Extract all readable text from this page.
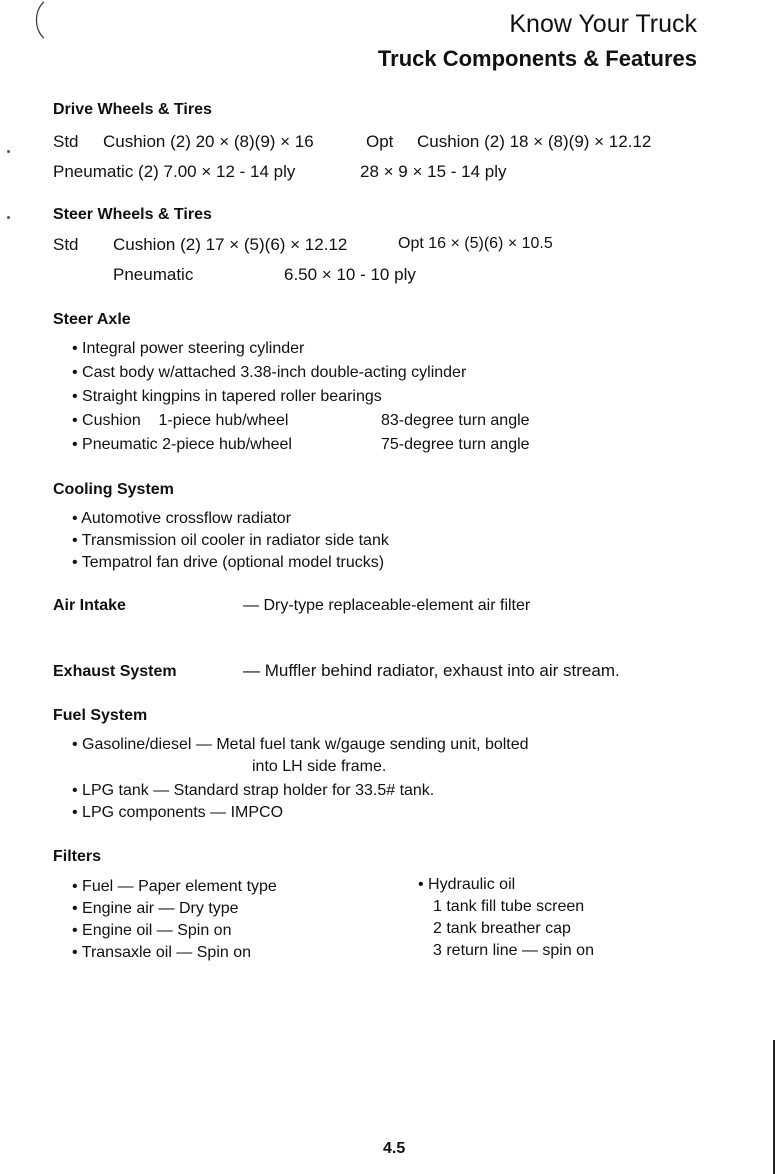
Know Your Truck
Truck Components & Features
Drive Wheels & Tires
Std Cushion (2) 20 × (8)(9) × 16	Opt Cushion (2) 18 × (8)(9) × 12.12
Pneumatic (2) 7.00 × 12 - 14 ply	28 × 9 × 15 - 14 ply
Steer Wheels & Tires
Std Cushion (2) 17 × (5)(6) × 12.12	Opt 16 × (5)(6) × 10.5
Pneumatic	6.50 × 10 - 10 ply
Steer Axle
• Integral power steering cylinder
• Cast body w/attached 3.38-inch double-acting cylinder
• Straight kingpins in tapered roller bearings
• Cushion    1-piece hub/wheel	83-degree turn angle
• Pneumatic 2-piece hub/wheel	75-degree turn angle
Cooling System
• Automotive crossflow radiator
• Transmission oil cooler in radiator side tank
• Tempatrol fan drive (optional model trucks)
Air Intake	— Dry-type replaceable-element air filter
Exhaust System	— Muffler behind radiator, exhaust into air stream.
Fuel System
• Gasoline/diesel — Metal fuel tank w/gauge sending unit, bolted
into LH side frame.
• LPG tank — Standard strap holder for 33.5# tank.
• LPG components — IMPCO
Filters
• Fuel — Paper element type
• Engine air — Dry type
• Engine oil — Spin on
• Transaxle oil — Spin on
• Hydraulic oil
1 tank fill tube screen
2 tank breather cap
3 return line — spin on
4.5
